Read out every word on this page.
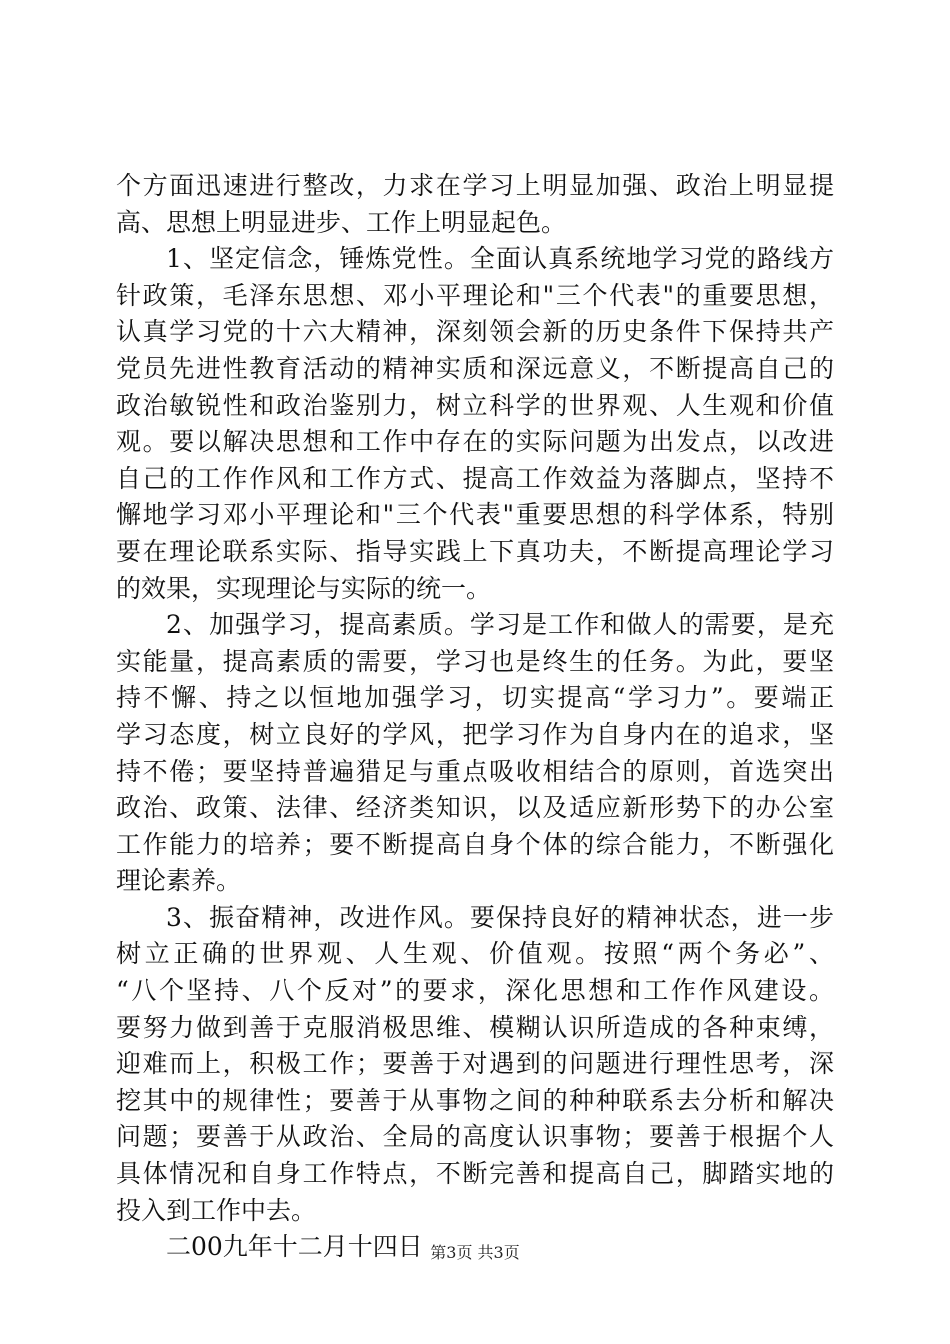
个方面迅速进行整改，力求在学习上明显加强、政治上明显提
高、思想上明显进步、工作上明显起色。
1、坚定信念，锤炼党性。全面认真系统地学习党的路线方
针政策，毛泽东思想、邓小平理论和"三个代表"的重要思想，
认真学习党的十六大精神，深刻领会新的历史条件下保持共产
党员先进性教育活动的精神实质和深远意义，不断提高自己的
政治敏锐性和政治鉴别力，树立科学的世界观、人生观和价值
观。要以解决思想和工作中存在的实际问题为出发点，以改进
自己的工作作风和工作方式、提高工作效益为落脚点，坚持不
懈地学习邓小平理论和"三个代表"重要思想的科学体系，特别
要在理论联系实际、指导实践上下真功夫，不断提高理论学习
的效果，实现理论与实际的统一。
2、加强学习，提高素质。学习是工作和做人的需要，是充
实能量，提高素质的需要，学习也是终生的任务。为此，要坚
持不懈、持之以恒地加强学习，切实提高“学习力”。要端正
学习态度，树立良好的学风，把学习作为自身内在的追求，坚
持不倦；要坚持普遍猎足与重点吸收相结合的原则，首选突出
政治、政策、法律、经济类知识，以及适应新形势下的办公室
工作能力的培养；要不断提高自身个体的综合能力，不断强化
理论素养。
3、振奋精神，改进作风。要保持良好的精神状态，进一步
树立正确的世界观、人生观、价值观。按照“两个务必”、
“八个坚持、八个反对”的要求，深化思想和工作作风建设。
要努力做到善于克服消极思维、模糊认识所造成的各种束缚，
迎难而上，积极工作；要善于对遇到的问题进行理性思考，深
挖其中的规律性；要善于从事物之间的种种联系去分析和解决
问题；要善于从政治、全局的高度认识事物；要善于根据个人
具体情况和自身工作特点，不断完善和提高自己，脚踏实地的
投入到工作中去。
二00九年十二月十四日 第3页 共3页
